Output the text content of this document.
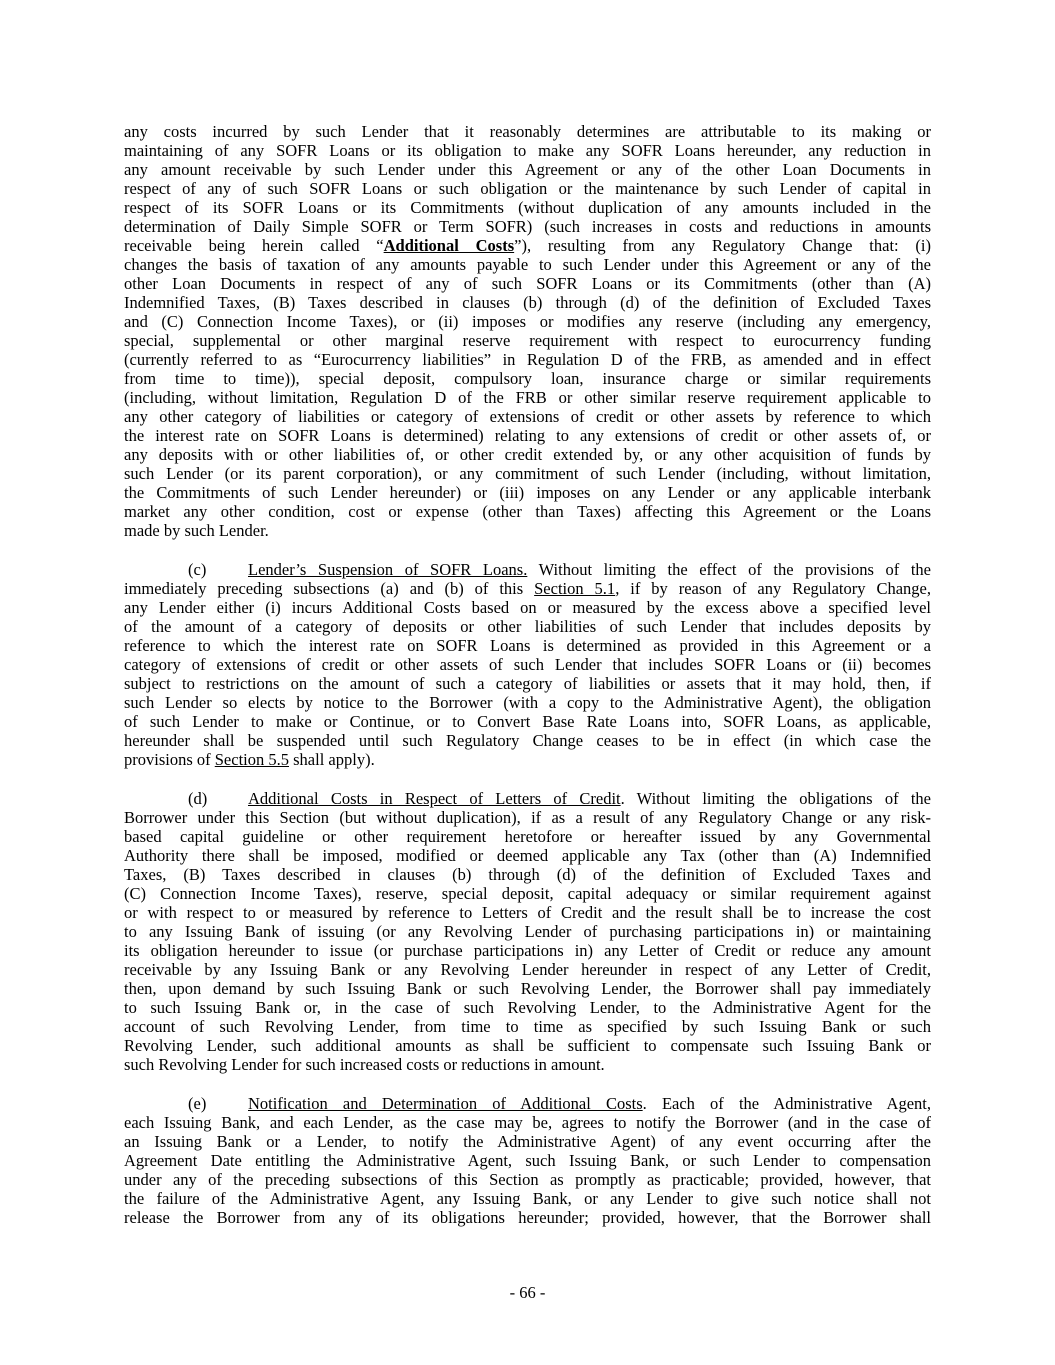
any costs incurred by such Lender that it reasonably determines are attributable to its making or
maintaining of any SOFR Loans or its obligation to make any SOFR Loans hereunder, any reduction in
any amount receivable by such Lender under this Agreement or any of the other Loan Documents in
respect of any of such SOFR Loans or such obligation or the maintenance by such Lender of capital in
respect of its SOFR Loans or its Commitments (without duplication of any amounts included in the
determination of Daily Simple SOFR or Term SOFR) (such increases in costs and reductions in amounts
receivable being herein called “Additional Costs”), resulting from any Regulatory Change that: (i)
changes the basis of taxation of any amounts payable to such Lender under this Agreement or any of the
other Loan Documents in respect of any of such SOFR Loans or its Commitments (other than (A)
Indemnified Taxes, (B) Taxes described in clauses (b) through (d) of the definition of Excluded Taxes
and (C) Connection Income Taxes), or (ii) imposes or modifies any reserve (including any emergency,
special, supplemental or other marginal reserve requirement with respect to eurocurrency funding
(currently referred to as “Eurocurrency liabilities” in Regulation D of the FRB, as amended and in effect
from time to time)), special deposit, compulsory loan, insurance charge or similar requirements
(including, without limitation, Regulation D of the FRB or other similar reserve requirement applicable to
any other category of liabilities or category of extensions of credit or other assets by reference to which
the interest rate on SOFR Loans is determined) relating to any extensions of credit or other assets of, or
any deposits with or other liabilities of, or other credit extended by, or any other acquisition of funds by
such Lender (or its parent corporation), or any commitment of such Lender (including, without limitation,
the Commitments of such Lender hereunder) or (iii) imposes on any Lender or any applicable interbank
market any other condition, cost or expense (other than Taxes) affecting this Agreement or the Loans
made by such Lender.
(c)	Lender’s Suspension of SOFR Loans. Without limiting the effect of the provisions of the
immediately preceding subsections (a) and (b) of this Section 5.1, if by reason of any Regulatory Change,
any Lender either (i) incurs Additional Costs based on or measured by the excess above a specified level
of the amount of a category of deposits or other liabilities of such Lender that includes deposits by
reference to which the interest rate on SOFR Loans is determined as provided in this Agreement or a
category of extensions of credit or other assets of such Lender that includes SOFR Loans or (ii) becomes
subject to restrictions on the amount of such a category of liabilities or assets that it may hold, then, if
such Lender so elects by notice to the Borrower (with a copy to the Administrative Agent), the obligation
of such Lender to make or Continue, or to Convert Base Rate Loans into, SOFR Loans, as applicable,
hereunder shall be suspended until such Regulatory Change ceases to be in effect (in which case the
provisions of Section 5.5 shall apply).
(d) Additional Costs in Respect of Letters of Credit. Without limiting the obligations of the
Borrower under this Section (but without duplication), if as a result of any Regulatory Change or any risk-
based capital guideline or other requirement heretofore or hereafter issued by any Governmental
Authority there shall be imposed, modified or deemed applicable any Tax (other than (A) Indemnified
Taxes, (B) Taxes described in clauses (b) through (d) of the definition of Excluded Taxes and
(C) Connection Income Taxes), reserve, special deposit, capital adequacy or similar requirement against
or with respect to or measured by reference to Letters of Credit and the result shall be to increase the cost
to any Issuing Bank of issuing (or any Revolving Lender of purchasing participations in) or maintaining
its obligation hereunder to issue (or purchase participations in) any Letter of Credit or reduce any amount
receivable by any Issuing Bank or any Revolving Lender hereunder in respect of any Letter of Credit,
then, upon demand by such Issuing Bank or such Revolving Lender, the Borrower shall pay immediately
to such Issuing Bank or, in the case of such Revolving Lender, to the Administrative Agent for the
account of such Revolving Lender, from time to time as specified by such Issuing Bank or such
Revolving Lender, such additional amounts as shall be sufficient to compensate such Issuing Bank or
such Revolving Lender for such increased costs or reductions in amount.
(e)	Notification and Determination of Additional Costs. Each of the Administrative Agent,
each Issuing Bank, and each Lender, as the case may be, agrees to notify the Borrower (and in the case of
an Issuing Bank or a Lender, to notify the Administrative Agent) of any event occurring after the
Agreement Date entitling the Administrative Agent, such Issuing Bank, or such Lender to compensation
under any of the preceding subsections of this Section as promptly as practicable; provided, however, that
the failure of the Administrative Agent, any Issuing Bank, or any Lender to give such notice shall not
release the Borrower from any of its obligations hereunder; provided, however, that the Borrower shall
- 66 -
